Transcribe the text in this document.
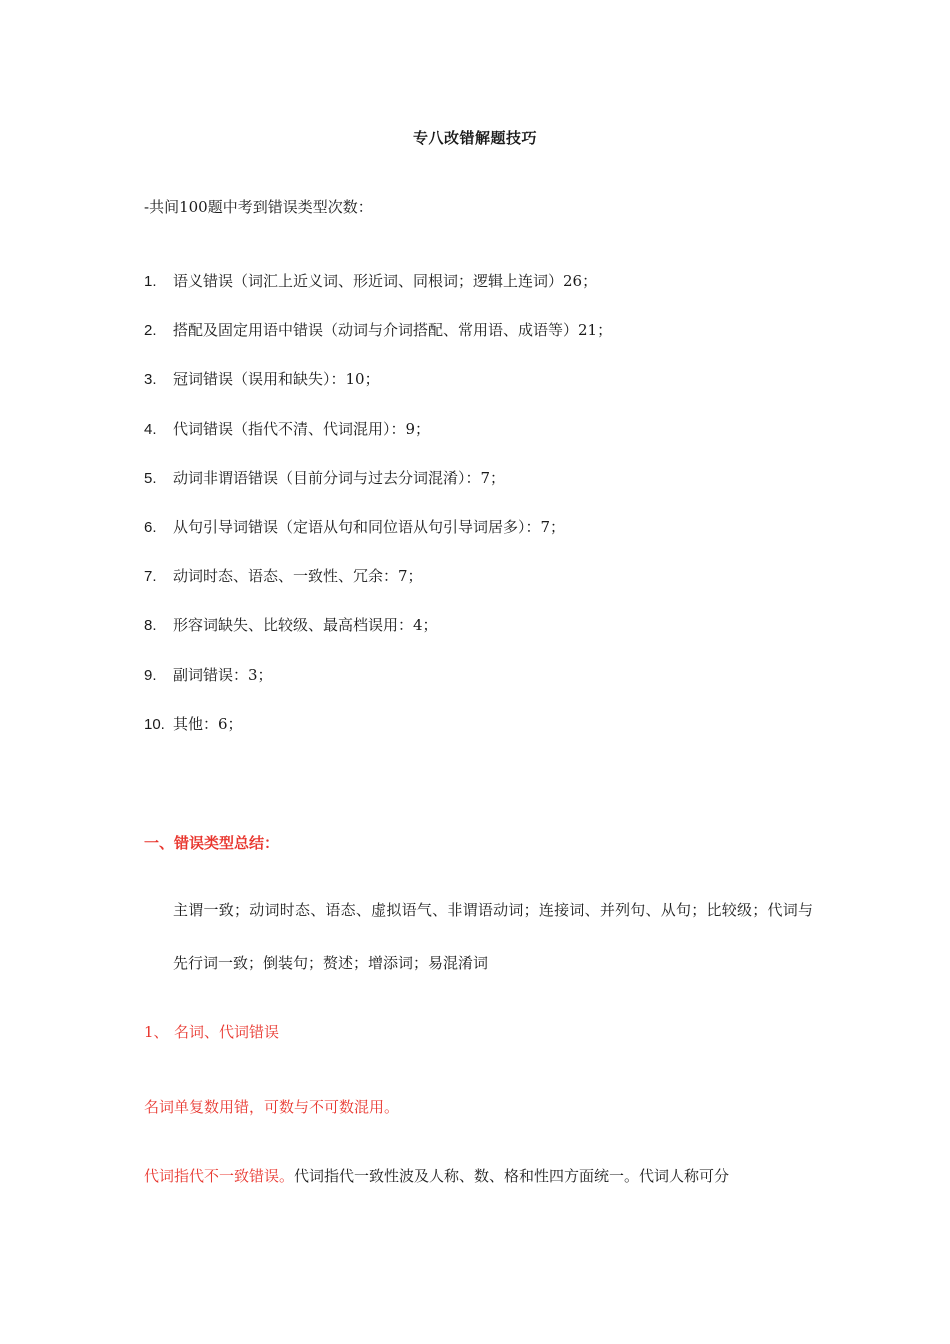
专八改错解题技巧
-共间100题中考到错误类型次数：
1. 语义错误（词汇上近义词、形近词、同根词；逻辑上连词）26；
2. 搭配及固定用语中错误（动词与介词搭配、常用语、成语等）21；
3. 冠词错误（误用和缺失）：10；
4. 代词错误（指代不清、代词混用）：9；
5. 动词非谓语错误（目前分词与过去分词混淆）：7；
6. 从句引导词错误（定语从句和同位语从句引导词居多）：7；
7. 动词时态、语态、一致性、冗余：7；
8. 形容词缺失、比较级、最高档误用：4；
9. 副词错误：3；
10. 其他：6；
一、错误类型总结：
主谓一致；动词时态、语态、虚拟语气、非谓语动词；连接词、并列句、从句；比较级；代词与先行词一致；倒装句；赘述；增添词；易混淆词
1、 名词、代词错误
名词单复数用错，可数与不可数混用。
代词指代不一致错误。代词指代一致性波及人称、数、格和性四方面统一。代词人称可分
